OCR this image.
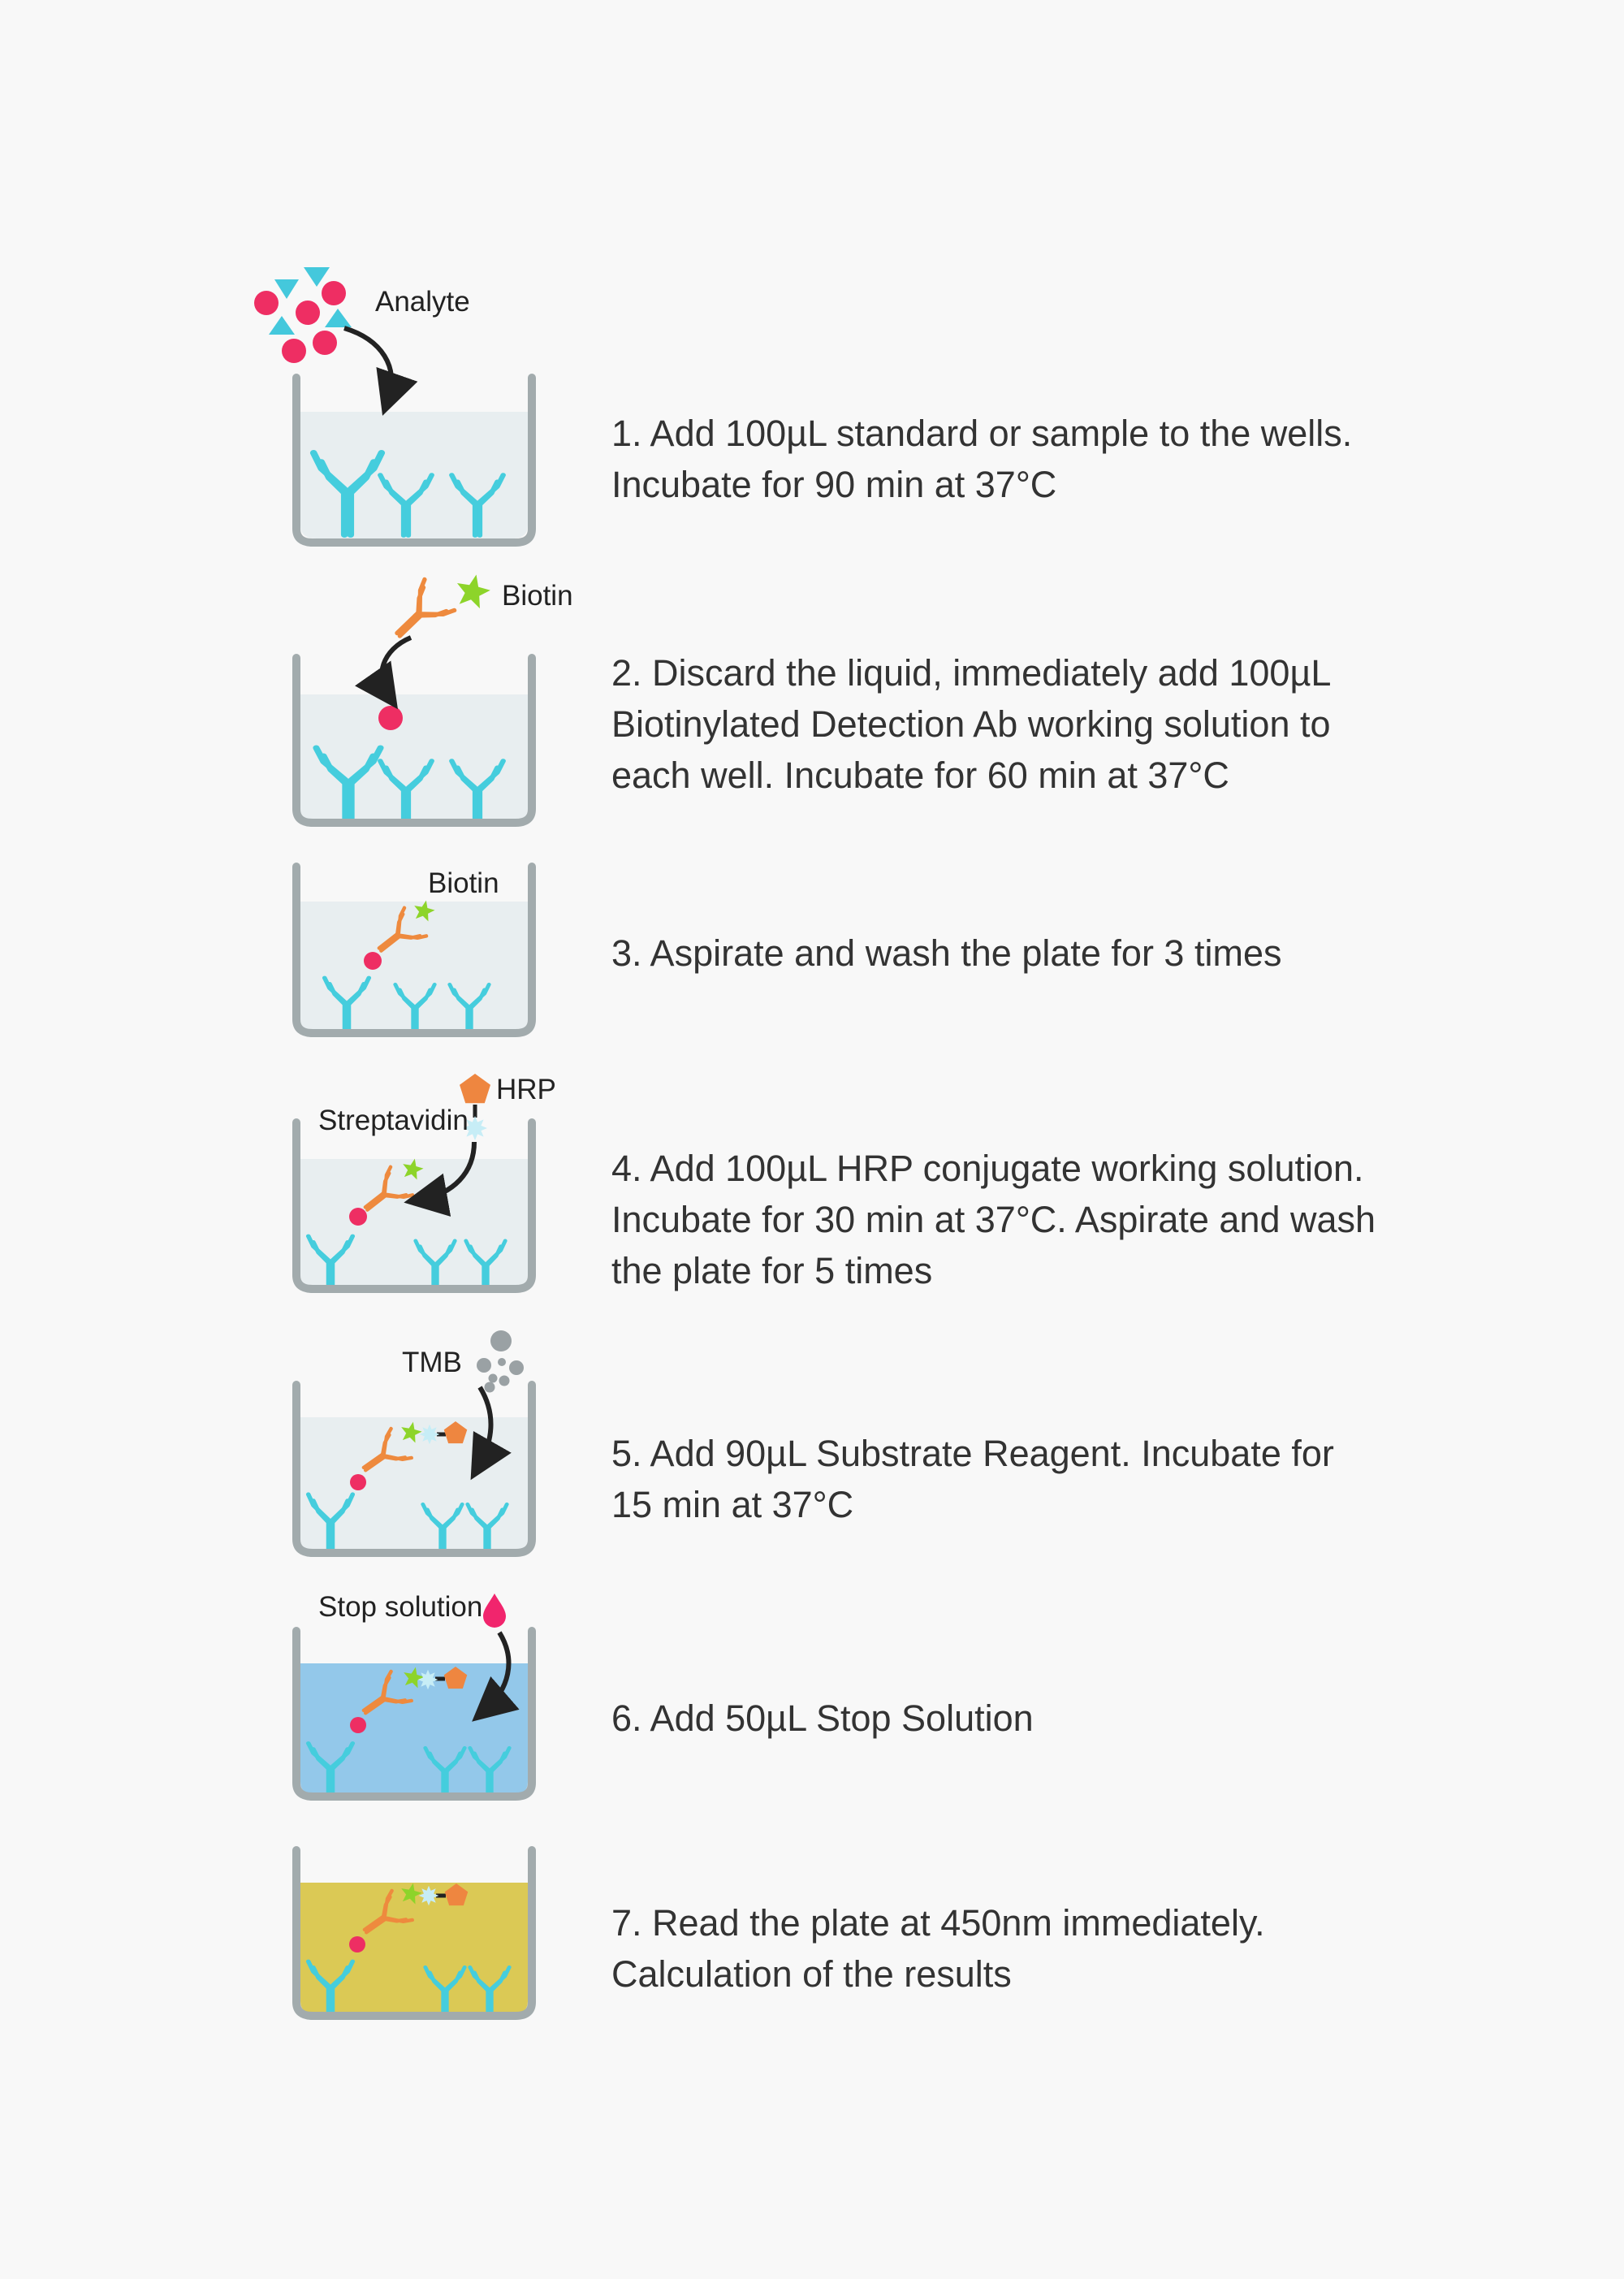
Analyte
Biotin
Biotin
Streptavidin
HRP
TMB
Stop solution
1. Add 100µL standard or sample to the wells.
Incubate for 90 min at 37°C
2. Discard the liquid, immediately add 100µL
Biotinylated Detection Ab working solution to
each well. Incubate for 60 min at 37°C
3. Aspirate and wash the plate for 3 times
4. Add 100µL HRP conjugate working solution.
Incubate for 30 min at 37°C. Aspirate and wash
the plate for 5 times
5. Add 90µL Substrate Reagent. Incubate for
15 min at 37°C
6. Add 50µL Stop Solution
7. Read the plate at 450nm immediately.
Calculation of the results
